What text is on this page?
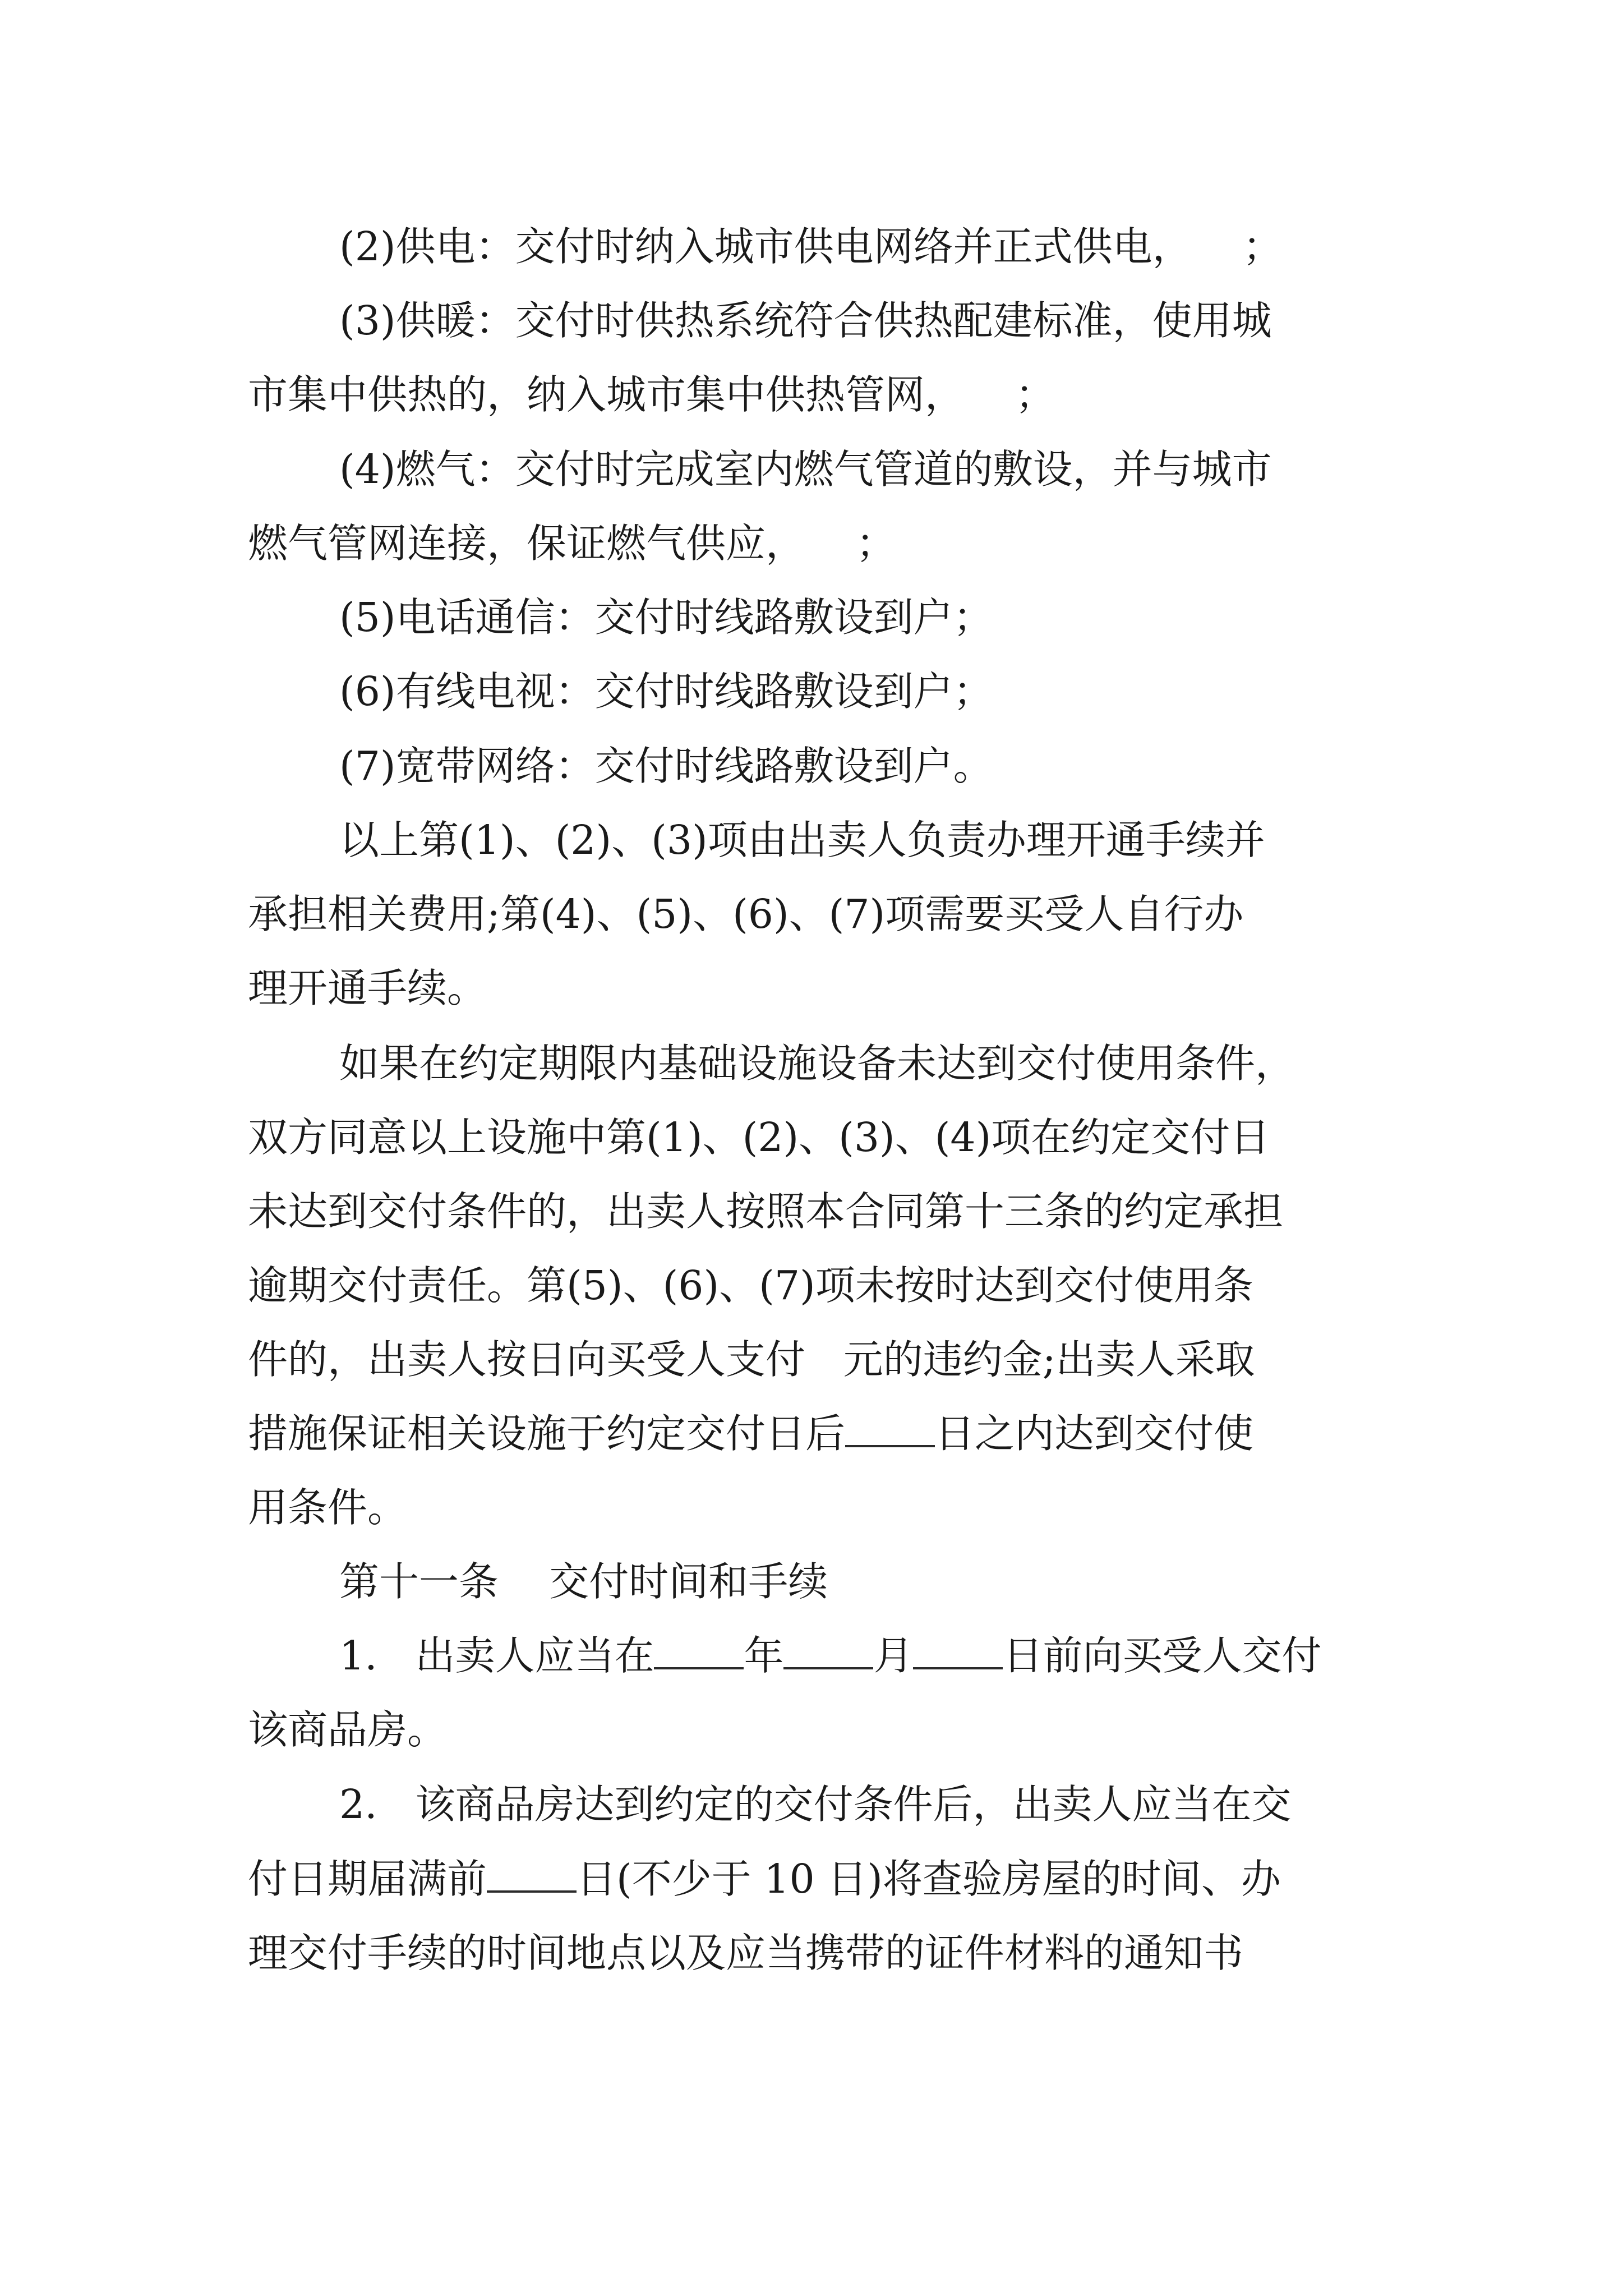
(2)供电：交付时纳入城市供电网络并正式供电，    ；
(3)供暖：交付时供热系统符合供热配建标准，使用城
市集中供热的，纳入城市集中供热管网，    ；
(4)燃气：交付时完成室内燃气管道的敷设，并与城市
燃气管网连接，保证燃气供应，    ；
(5)电话通信：交付时线路敷设到户；
(6)有线电视：交付时线路敷设到户；
(7)宽带网络：交付时线路敷设到户。
以上第(1)、(2)、(3)项由出卖人负责办理开通手续并
承担相关费用;第(4)、(5)、(6)、(7)项需要买受人自行办
理开通手续。
如果在约定期限内基础设施设备未达到交付使用条件，
双方同意以上设施中第(1)、(2)、(3)、(4)项在约定交付日
未达到交付条件的，出卖人按照本合同第十三条的约定承担
逾期交付责任。第(5)、(6)、(7)项未按时达到交付使用条
件的，出卖人按日向买受人支付   元的违约金;出卖人采取
措施保证相关设施于约定交付日后 日之内达到交付使
用条件。
第十一条    交付时间和手续
1.   出卖人应当在 年 月 日前向买受人交付
该商品房。
2.   该商品房达到约定的交付条件后，出卖人应当在交
付日期届满前 日(不少于 10 日)将查验房屋的时间、办
理交付手续的时间地点以及应当携带的证件材料的通知书
